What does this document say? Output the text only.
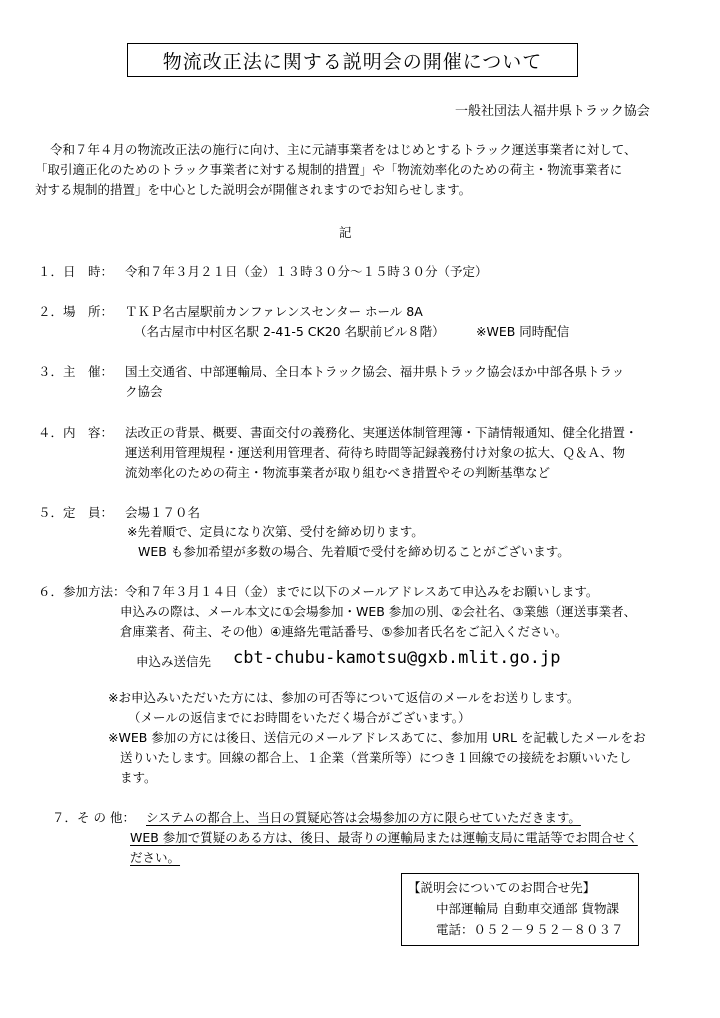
物流改正法に関する説明会の開催について
一般社団法人福井県トラック協会
令和７年４月の物流改正法の施行に向け、主に元請事業者をはじめとするトラック運送事業者に対して、
「取引適正化のためのトラック事業者に対する規制的措置」や「物流効率化のための荷主・物流事業者に
対する規制的措置」を中心とした説明会が開催されますのでお知らせします。
記
１．日　時： 令和７年３月２１日（金）１３時３０分～１５時３０分（予定）
２．場　所： ＴＫＰ名古屋駅前カンファレンスセンター ホール 8A
（名古屋市中村区名駅 2-41-5 CK20 名駅前ビル８階）	※WEB 同時配信
３．主　催： 国土交通省、中部運輸局、全日本トラック協会、福井県トラック協会ほか中部各県トラッ
ク協会
４．内　容： 法改正の背景、概要、書面交付の義務化、実運送体制管理簿・下請情報通知、健全化措置・
運送利用管理規程・運送利用管理者、荷待ち時間等記録義務付け対象の拡大、Ｑ＆Ａ、物
流効率化のための荷主・物流事業者が取り組むべき措置やその判断基準など
５．定　員： 会場１７０名
※先着順で、定員になり次第、受付を締め切ります。
WEB も参加希望が多数の場合、先着順で受付を締め切ることがございます。
６．参加方法： 令和７年３月１４日（金）までに以下のメールアドレスあて申込みをお願いします。
申込みの際は、メール本文に①会場参加・WEB 参加の別、②会社名、③業態（運送事業者、
倉庫業者、荷主、その他）④連絡先電話番号、⑤参加者氏名をご記入ください。
申込み送信先 cbt-chubu-kamotsu@gxb.mlit.go.jp
※お申込みいただいた方には、参加の可否等について返信のメールをお送りします。
（メールの返信までにお時間をいただく場合がございます。）
※WEB 参加の方には後日、送信元のメールアドレスあてに、参加用 URL を記載したメールをお
送りいたします。回線の都合上、１企業（営業所等）につき１回線での接続をお願いいたし
ます。
７．そ の 他： システムの都合上、当日の質疑応答は会場参加の方に限らせていただきます。
WEB 参加で質疑のある方は、後日、最寄りの運輸局または運輸支局に電話等でお問合せく
ださい。
【説明会についてのお問合せ先】
中部運輸局 自動車交通部 貨物課
電話：０５２－９５２－８０３７
